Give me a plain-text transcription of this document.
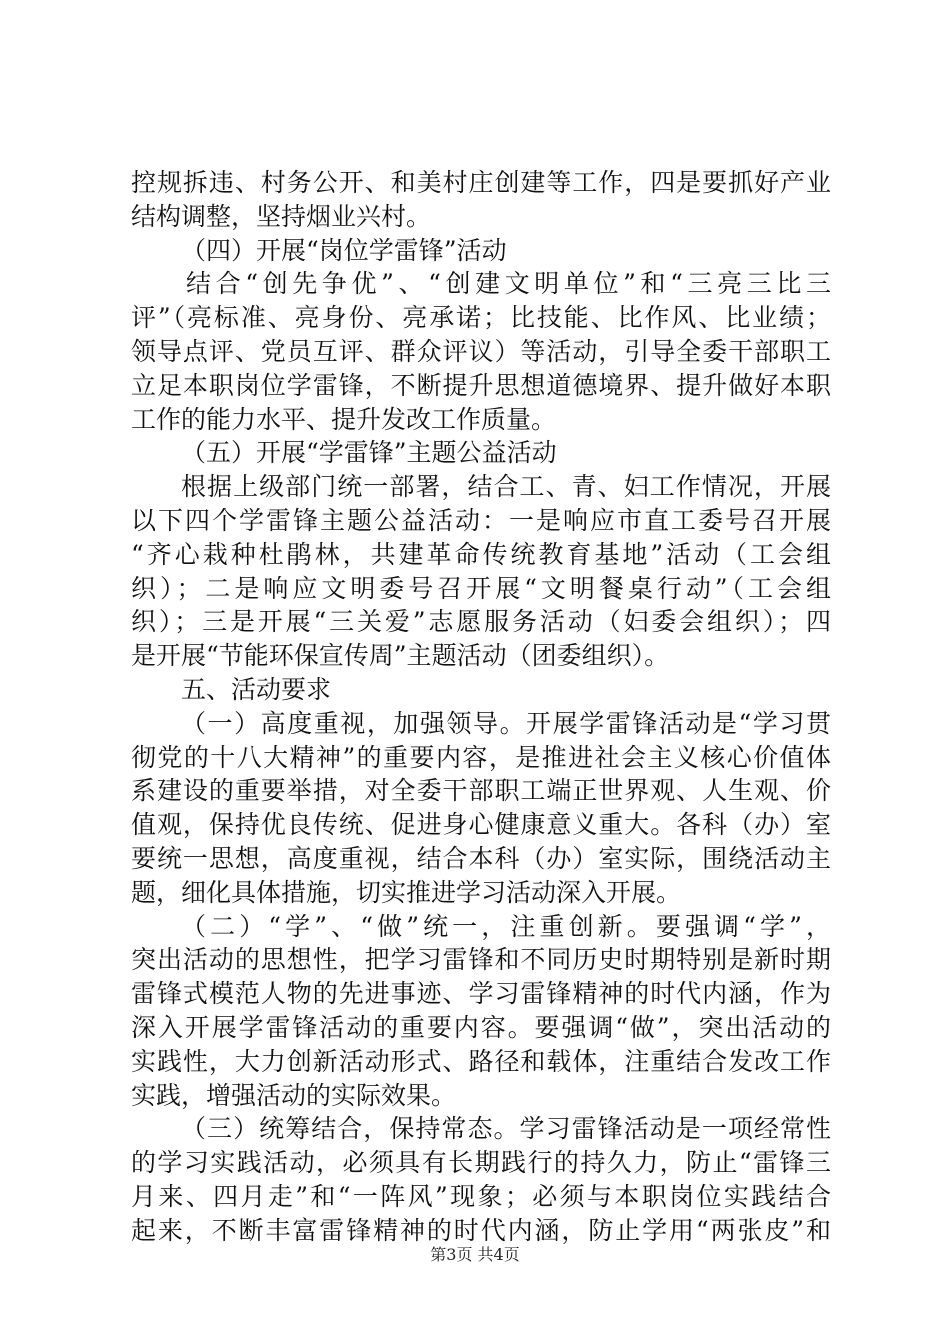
控规拆违、村务公开、和美村庄创建等工作，四是要抓好产业
结构调整，坚持烟业兴村。
（四）开展“岗位学雷锋”活动
结合“创先争优”、“创建文明单位”和“三亮三比三
评”（亮标准、亮身份、亮承诺；比技能、比作风、比业绩；
领导点评、党员互评、群众评议）等活动，引导全委干部职工
立足本职岗位学雷锋，不断提升思想道德境界、提升做好本职
工作的能力水平、提升发改工作质量。
（五）开展“学雷锋”主题公益活动
根据上级部门统一部署，结合工、青、妇工作情况，开展
以下四个学雷锋主题公益活动：一是响应市直工委号召开展
“齐心栽种杜鹃林，共建革命传统教育基地”活动（工会组
织）；二是响应文明委号召开展“文明餐桌行动”（工会组
织）；三是开展“三关爱”志愿服务活动（妇委会组织）；四
是开展“节能环保宣传周”主题活动（团委组织）。
五、活动要求
（一）高度重视，加强领导。开展学雷锋活动是“学习贯
彻党的十八大精神”的重要内容，是推进社会主义核心价值体
系建设的重要举措，对全委干部职工端正世界观、人生观、价
值观，保持优良传统、促进身心健康意义重大。各科（办）室
要统一思想，高度重视，结合本科（办）室实际，围绕活动主
题，细化具体措施，切实推进学习活动深入开展。
（二）“学”、“做”统一，注重创新。要强调“学”，
突出活动的思想性，把学习雷锋和不同历史时期特别是新时期
雷锋式模范人物的先进事迹、学习雷锋精神的时代内涵，作为
深入开展学雷锋活动的重要内容。要强调“做”，突出活动的
实践性，大力创新活动形式、路径和载体，注重结合发改工作
实践，增强活动的实际效果。
（三）统筹结合，保持常态。学习雷锋活动是一项经常性
的学习实践活动，必须具有长期践行的持久力，防止“雷锋三
月来、四月走”和“一阵风”现象；必须与本职岗位实践结合
起来，不断丰富雷锋精神的时代内涵，防止学用“两张皮”和
第3页 共4页
